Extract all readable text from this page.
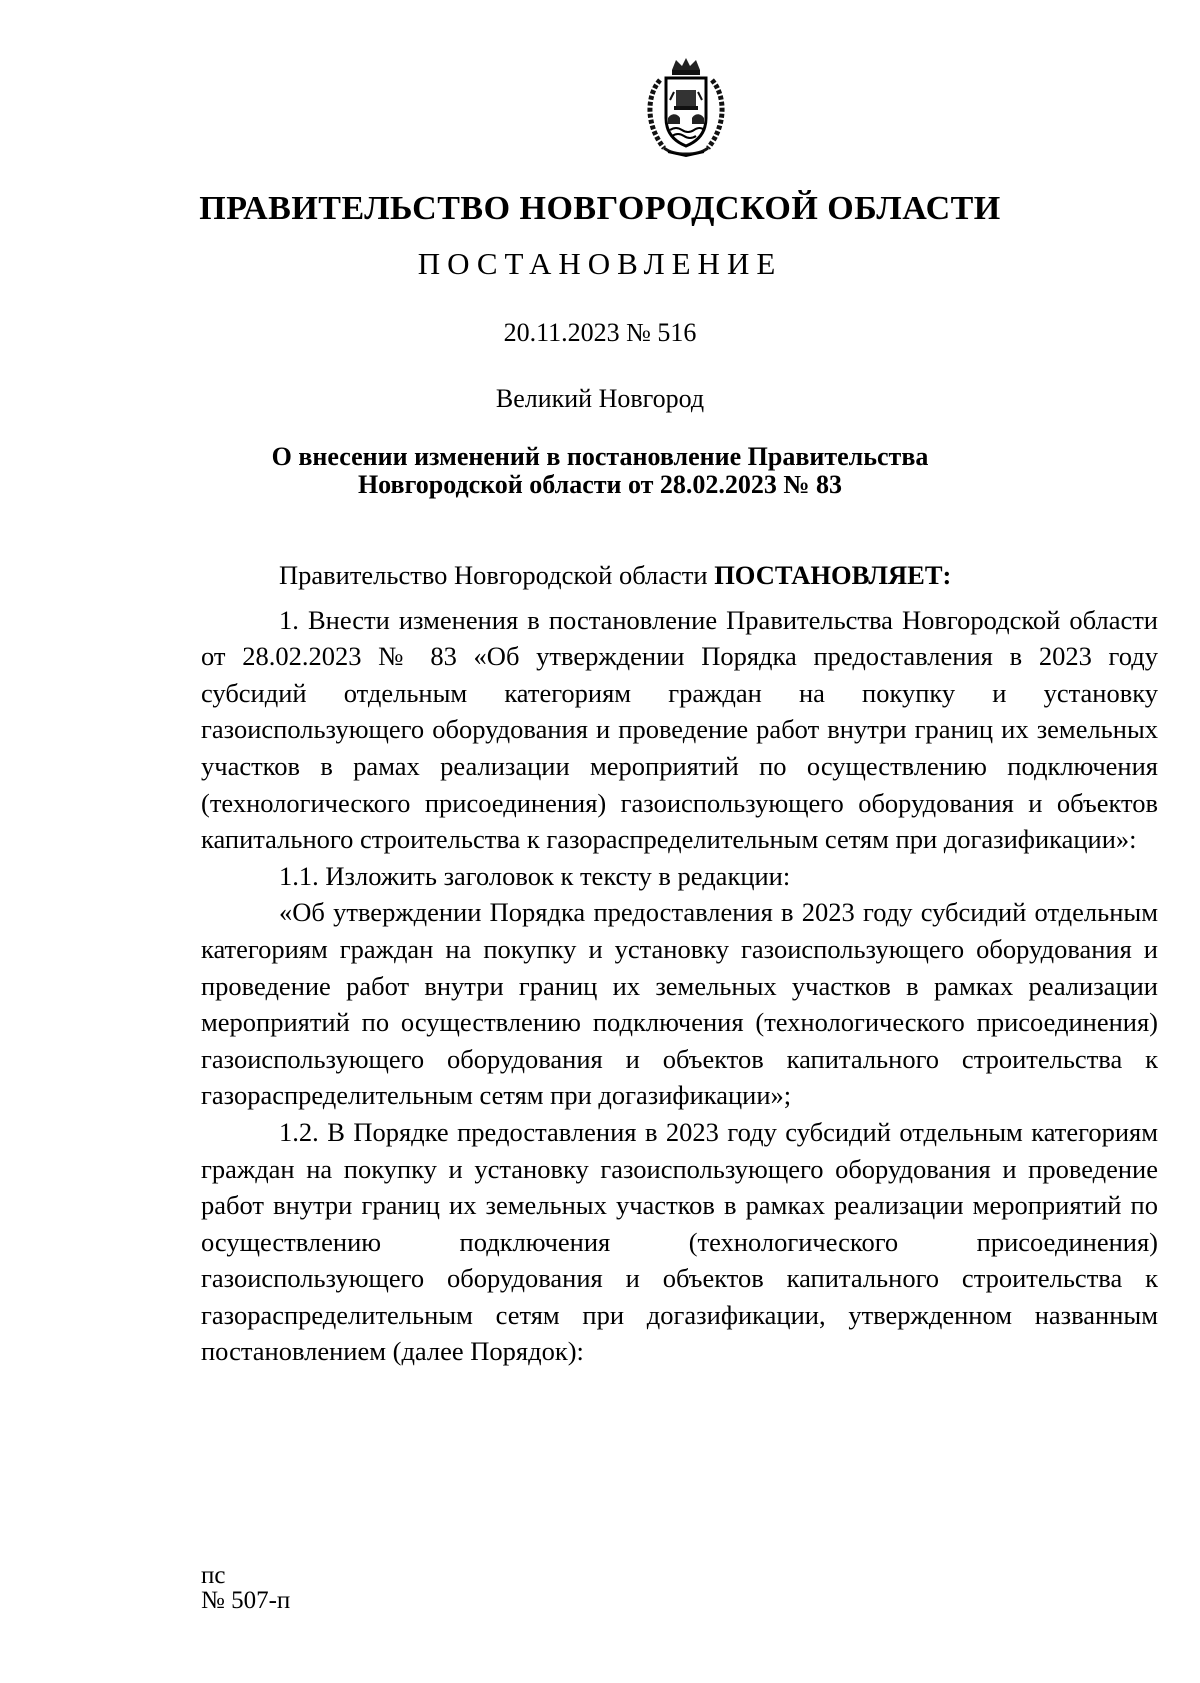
ПРАВИТЕЛЬСТВО НОВГОРОДСКОЙ ОБЛАСТИ
ПОСТАНОВЛЕНИЕ
20.11.2023 № 516
Великий Новгород
О внесении изменений в постановление Правительства
Новгородской области от 28.02.2023 № 83
Правительство Новгородской области ПОСТАНОВЛЯЕТ:

1. Внести изменения в постановление Правительства Новгородской области от 28.02.2023 № 83 «Об утверждении Порядка предоставления в 2023 году субсидий отдельным категориям граждан на покупку и установку газоиспользующего оборудования и проведение работ внутри границ их земельных участков в рамах реализации мероприятий по осуществлению подключения (технологического присоединения) газоиспользующего оборудования и объектов капитального строительства к газораспределительным сетям при догазификации»:

1.1. Изложить заголовок к тексту в редакции:

«Об утверждении Порядка предоставления в 2023 году субсидий отдельным категориям граждан на покупку и установку газоиспользующего оборудования и проведение работ внутри границ их земельных участков в рамках реализации мероприятий по осуществлению подключения (технологического присоединения) газоиспользующего оборудования и объектов капитального строительства к газораспределительным сетям при догазификации»;

1.2. В Порядке предоставления в 2023 году субсидий отдельным категориям граждан на покупку и установку газоиспользующего оборудования и проведение работ внутри границ их земельных участков в рамках реализации мероприятий по осуществлению подключения (технологического присоединения) газоиспользующего оборудования и объектов капитального строительства к газораспределительным сетям при догазификации, утвержденном названным постановлением (далее Порядок):

пс
№ 507-п
